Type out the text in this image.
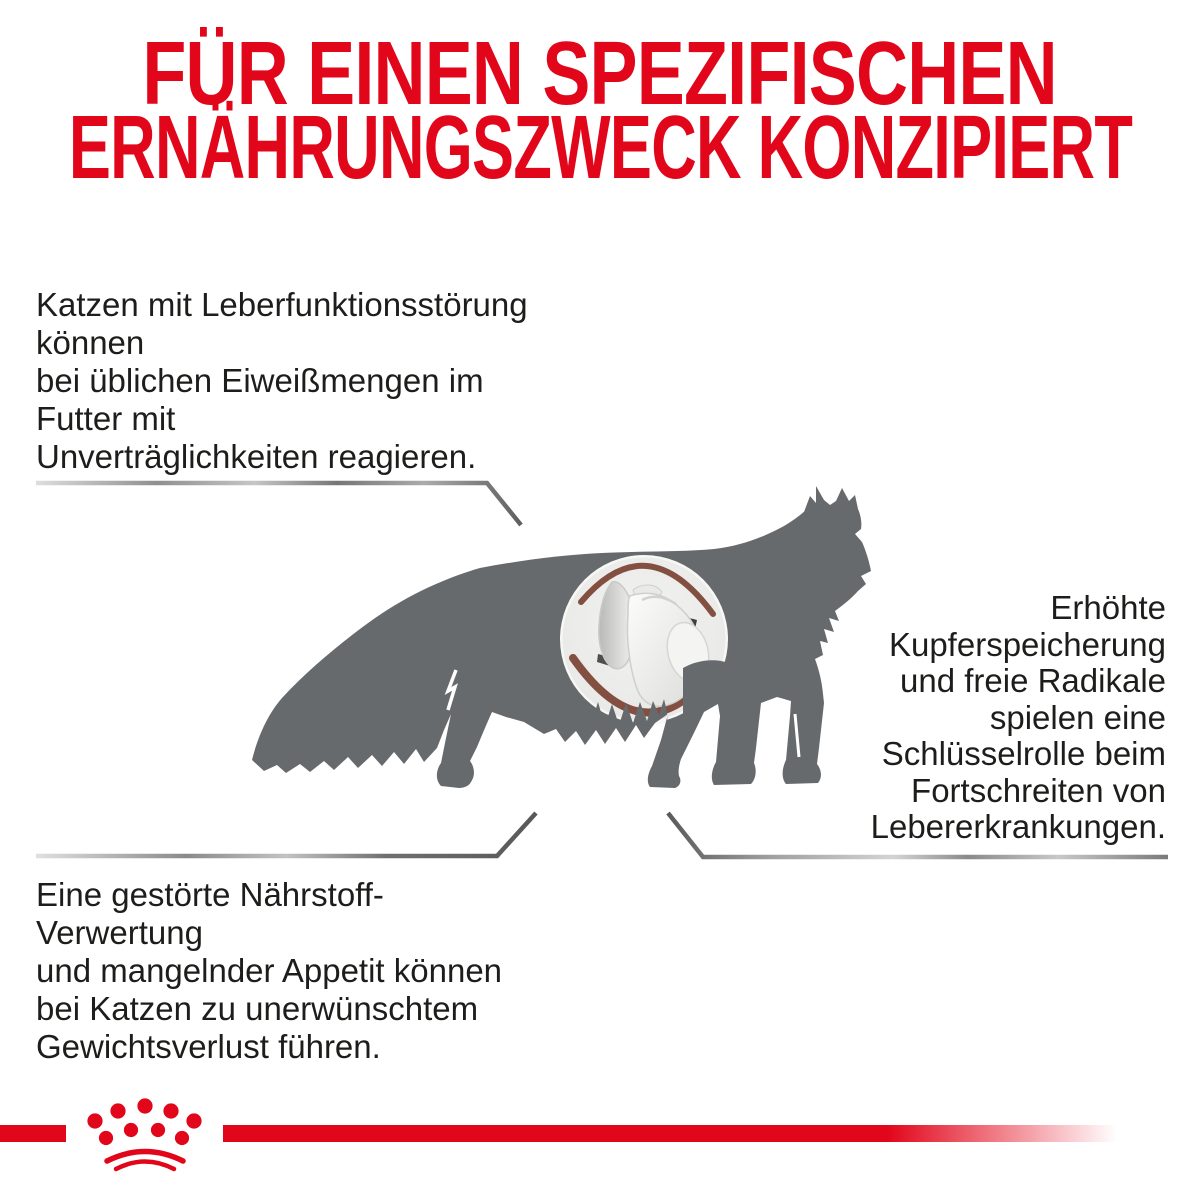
FÜR EINEN SPEZIFISCHEN
ERNÄHRUNGSZWECK KONZIPIERT
Katzen mit Leberfunktionsstörung
können
bei üblichen Eiweißmengen im
Futter mit
Unverträglichkeiten reagieren.
Erhöhte
Kupferspeicherung
und freie Radikale
spielen eine
Schlüsselrolle beim
Fortschreiten von
Lebererkrankungen.
Eine gestörte Nährstoff-
Verwertung
und mangelnder Appetit können
bei Katzen zu unerwünschtem
Gewichtsverlust führen.
